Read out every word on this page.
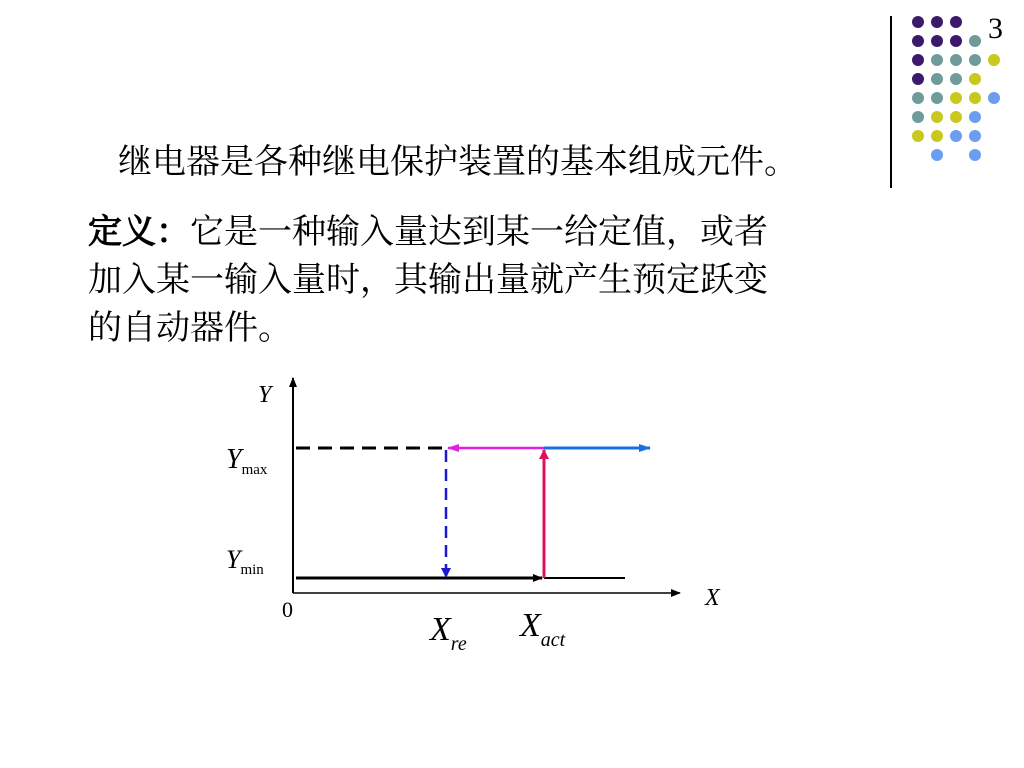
3
继电器是各种继电保护装置的基本组成元件。
定义：它是一种输入量达到某一给定值，或者
加入某一输入量时，其输出量就产生预定跃变
的自动器件。
Y
X
0
$Y_{max}$
$Y_{min}$
$X_{re}$ $X_{act}$
